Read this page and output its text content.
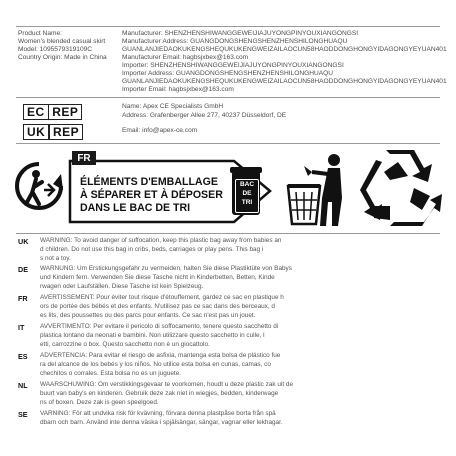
Product Name:
Women's blended casual skirt
Model: 1095579319109C
Country Origin: Made in China
Manufacturer: SHENZHENSHIWANGGEWEIJIAJUYONGPINYOUXIANGONGSI
Manufacturer Address: GUANGDONGSHENGSHENZHENSHILONGHUAQU
GUANLANJIEDAOKUKENGSHEQUKUKENGWEIZAILAOCUN58HAODDONGHONGYIDAGONGYEYUAN401
Manufacturer Email: hagbsjxbex@163.com
Importer: SHENZHENSHIWANGGEWEIJIAJUYONGPINYOUXIANGONGSI
Importer Address: GUANGDONGSHENGSHENZHENSHILONGHUAQU
GUANLANJIEDAOKUKENGSHEQUKUKENGWEIZAILAOCUN58HAODDONGHONGYIDAGONGYEYUAN401
Importer Email: hagbsjxbex@163.com
EC REP
UK REP
Name: Apex CE Specialists GmbH
Address: Grafenberger Allee 277, 40237 Düsseldorf, DE
Email: info@apex-ce.com
FR
ÉLÉMENTS D'EMBALLAGE
À SÉPARER ET À DÉPOSER
DANS LE BAC DE TRI
BAC
DE
TRI
UK WARNING: To avoid danger of suffocation, keep this plastic bag away from babies an
d children. Do not use this bag in cribs, beds, carriages or play pens. This bag i
s not a toy.
DE WARNUNG: Um Erstickungsgefahr zu vermeiden, halten Sie diese Plastiktüte von Babys
und Kindern fern. Verwenden Sie diese Tasche nicht in Kinderbetten, Betten, Kinde
rwagen oder Laufställen. Diese Tasche ist kein Spielzeug.
FR AVERTISSEMENT: Pour éviter tout risque d'étouffement, gardez ce sac en plastique h
ors de portée des bébés et des enfants. N'utilisez pas ce sac dans des berceaux, d
es lits, des poussettes ou des parcs pour enfants. Ce sac n'est pas un jouet.
IT AVVERTIMENTO: Per evitare il pericolo di soffocamento, tenere questo sacchetto di
plastica lontano da neonati e bambini. Non utilizzare questo sacchetto in culle, l
etti, carrozzine o box. Questo sacchetto non è un giocattolo.
ES ADVERTENCIA: Para evitar el riesgo de asfixia, mantenga esta bolsa de plástico fue
ra del alcance de los bebés y los niños. No utilice esta bolsa en cunas, camas, co
chechitos o corrales. Esta bolsa no es un juguete.
NL WAARSCHUWING: Om verstikkingsgevaar te voorkomen, houdt u deze plastic zak uit de
buurt van baby's en kinderen. Gebruik deze zak niet in wiegjes, bedden, kinderwage
ns of boxen. Deze zak is geen speelgoed.
SE VARNING: För att undvika risk för kvävning, förvara denna plastpåse borta från spä
dbarn och barn. Använd inte denna väska i spjälsängar, sängar, vagnar eller lekhagar.
